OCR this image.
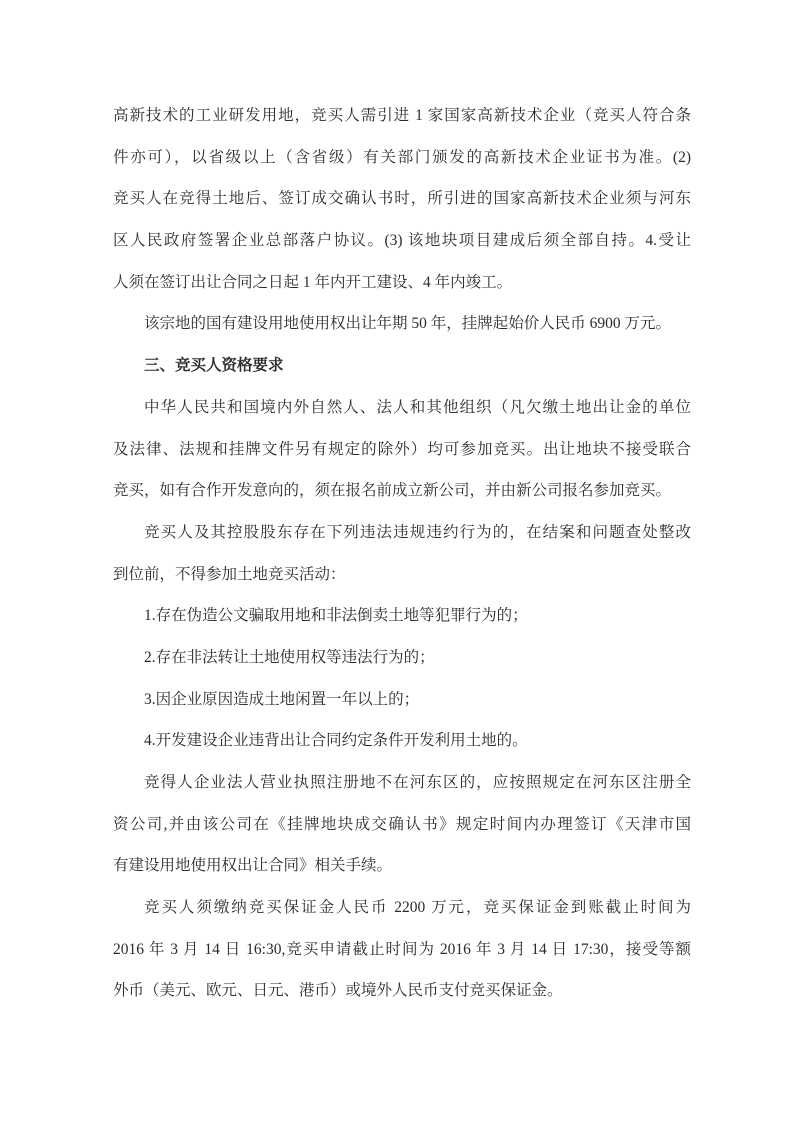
高新技术的工业研发用地，竞买人需引进 1 家国家高新技术企业（竞买人符合条
件亦可），以省级以上（含省级）有关部门颁发的高新技术企业证书为准。(2)
竞买人在竞得土地后、签订成交确认书时，所引进的国家高新技术企业须与河东
区人民政府签署企业总部落户协议。(3) 该地块项目建成后须全部自持。4.受让
人须在签订出让合同之日起 1 年内开工建设、4 年内竣工。
该宗地的国有建设用地使用权出让年期 50 年，挂牌起始价人民币 6900 万元。
三、竞买人资格要求
中华人民共和国境内外自然人、法人和其他组织（凡欠缴土地出让金的单位
及法律、法规和挂牌文件另有规定的除外）均可参加竞买。出让地块不接受联合
竞买，如有合作开发意向的，须在报名前成立新公司，并由新公司报名参加竞买。
竞买人及其控股股东存在下列违法违规违约行为的，在结案和问题查处整改
到位前，不得参加土地竞买活动：
1.存在伪造公文骗取用地和非法倒卖土地等犯罪行为的；
2.存在非法转让土地使用权等违法行为的；
3.因企业原因造成土地闲置一年以上的；
4.开发建设企业违背出让合同约定条件开发利用土地的。
竞得人企业法人营业执照注册地不在河东区的，应按照规定在河东区注册全
资公司,并由该公司在《挂牌地块成交确认书》规定时间内办理签订《天津市国
有建设用地使用权出让合同》相关手续。
竞买人须缴纳竞买保证金人民币 2200 万元，竞买保证金到账截止时间为
2016 年 3 月 14 日 16:30,竞买申请截止时间为 2016 年 3 月 14 日 17:30，接受等额
外币（美元、欧元、日元、港币）或境外人民币支付竞买保证金。
